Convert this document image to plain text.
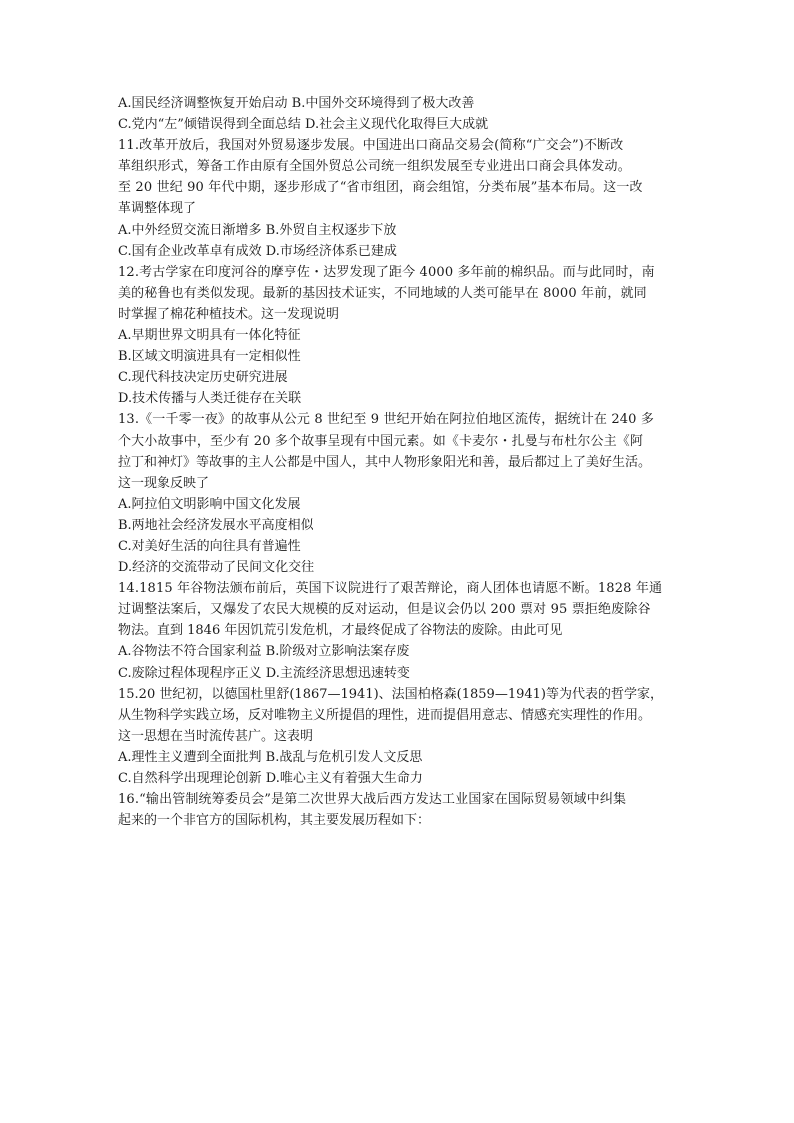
A.国民经济调整恢复开始启动 B.中国外交环境得到了极大改善
C.党内“左”倾错误得到全面总结 D.社会主义现代化取得巨大成就
11.改革开放后，我国对外贸易逐步发展。中国进出口商品交易会(简称“广交会”)不断改
革组织形式，筹备工作由原有全国外贸总公司统一组织发展至专业进出口商会具体发动。
至 20 世纪 90 年代中期，逐步形成了“省市组团，商会组馆，分类布展”基本布局。这一改
革调整体现了
A.中外经贸交流日渐增多 B.外贸自主权逐步下放
C.国有企业改革卓有成效 D.市场经济体系已建成
12.考古学家在印度河谷的摩亨佐・达罗发现了距今 4000 多年前的棉织品。而与此同时，南
美的秘鲁也有类似发现。最新的基因技术证实，不同地域的人类可能早在 8000 年前，就同
时掌握了棉花种植技术。这一发现说明
A.早期世界文明具有一体化特征
B.区域文明演进具有一定相似性
C.现代科技决定历史研究进展
D.技术传播与人类迁徙存在关联
13.《一千零一夜》的故事从公元 8 世纪至 9 世纪开始在阿拉伯地区流传，据统计在 240 多
个大小故事中，至少有 20 多个故事呈现有中国元素。如《卡麦尔・扎曼与布杜尔公主《阿
拉丁和神灯》等故事的主人公都是中国人，其中人物形象阳光和善，最后都过上了美好生活。
这一现象反映了
A.阿拉伯文明影响中国文化发展
B.两地社会经济发展水平高度相似
C.对美好生活的向往具有普遍性
D.经济的交流带动了民间文化交往
14.1815 年谷物法颁布前后，英国下议院进行了艰苦辩论，商人团体也请愿不断。1828 年通
过调整法案后，又爆发了农民大规模的反对运动，但是议会仍以 200 票对 95 票拒绝废除谷
物法。直到 1846 年因饥荒引发危机，才最终促成了谷物法的废除。由此可见
A.谷物法不符合国家利益 B.阶级对立影响法案存废
C.废除过程体现程序正义 D.主流经济思想迅速转变
15.20 世纪初，以德国杜里舒(1867—1941)、法国柏格森(1859—1941)等为代表的哲学家，
从生物科学实践立场，反对唯物主义所提倡的理性，进而提倡用意志、情感充实理性的作用。
这一思想在当时流传甚广。这表明
A.理性主义遭到全面批判 B.战乱与危机引发人文反思
C.自然科学出现理论创新 D.唯心主义有着强大生命力
16.“输出管制统筹委员会”是第二次世界大战后西方发达工业国家在国际贸易领域中纠集
起来的一个非官方的国际机构，其主要发展历程如下：
